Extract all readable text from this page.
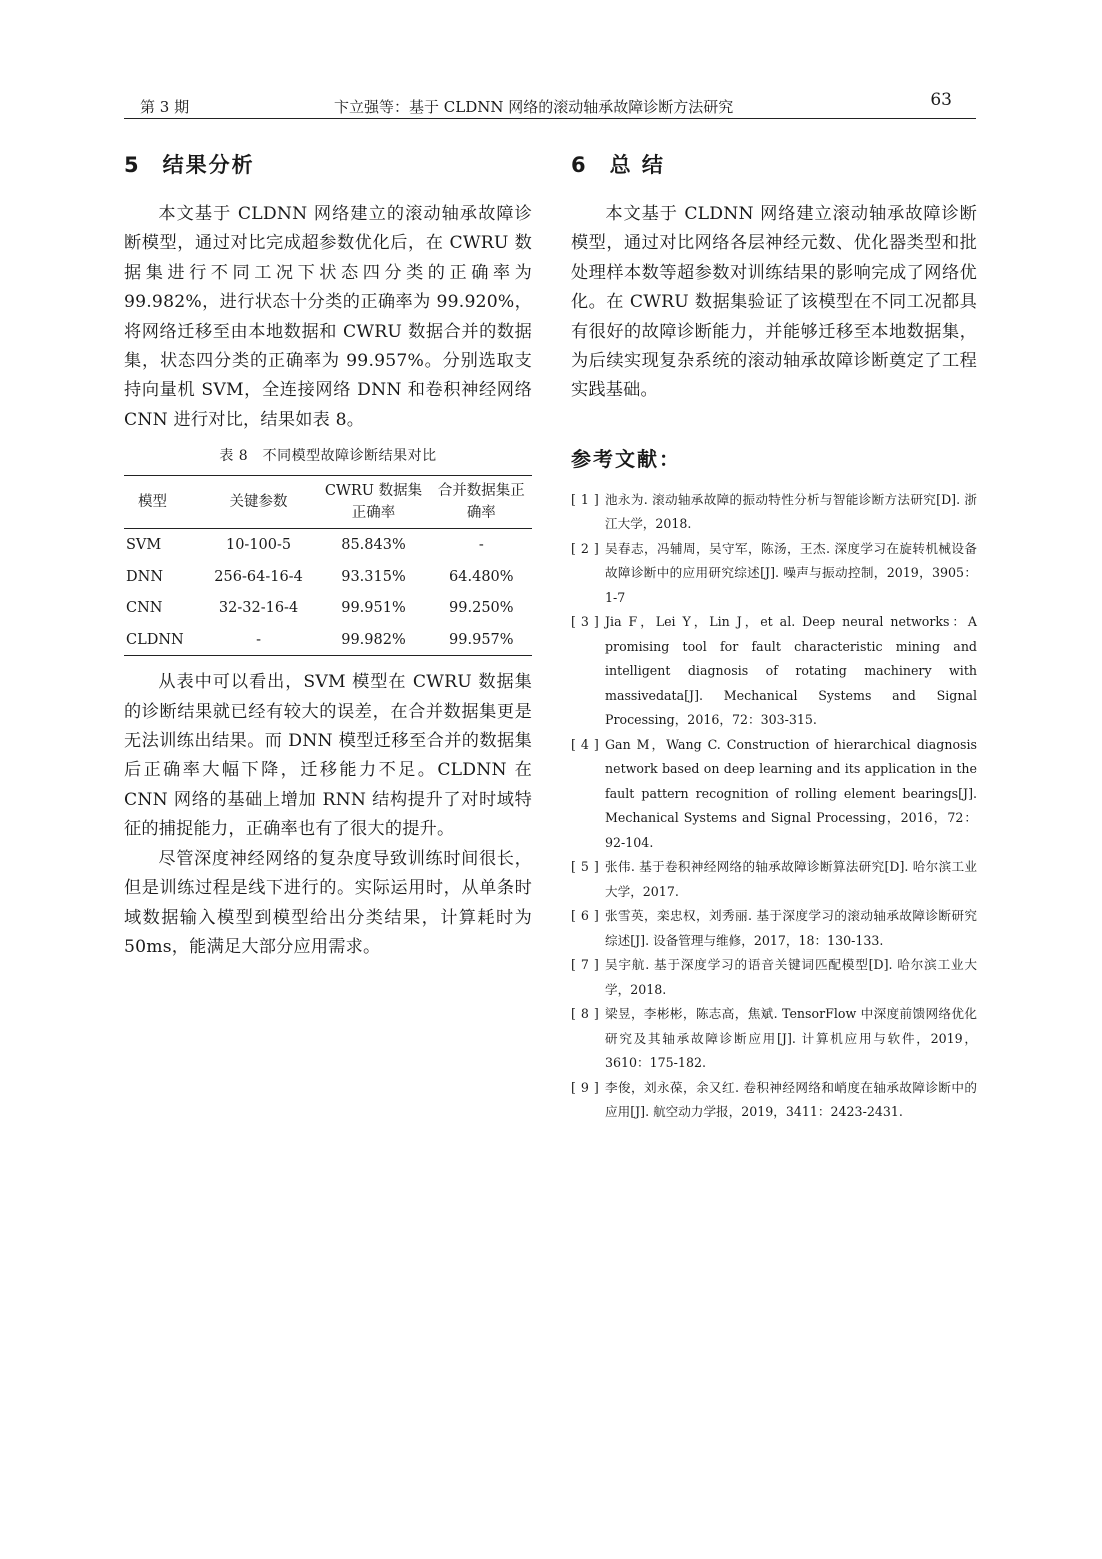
第 3 期	卞立强等：基于 CLDNN 网络的滚动轴承故障诊断方法研究	63
5 结果分析

本文基于 CLDNN 网络建立的滚动轴承故障诊断模型，通过对比完成超参数优化后，在 CWRU 数据集进行不同工况下状态四分类的正确率为 99.982%，进行状态十分类的正确率为 99.920%，将网络迁移至由本地数据和 CWRU 数据合并的数据集，状态四分类的正确率为 99.957%。分别选取支持向量机 SVM，全连接网络 DNN 和卷积神经网络 CNN 进行对比，结果如表 8。

表 8　不同模型故障诊断结果对比
模型	关键参数	CWRU 数据集正确率	合并数据集正确率
SVM	10-100-5	85.843%	-
DNN	256-64-16-4	93.315%	64.480%
CNN	32-32-16-4	99.951%	99.250%
CLDNN	-	99.982%	99.957%

从表中可以看出，SVM 模型在 CWRU 数据集的诊断结果就已经有较大的误差，在合并数据集更是无法训练出结果。而 DNN 模型迁移至合并的数据集后正确率大幅下降，迁移能力不足。CLDNN 在 CNN 网络的基础上增加 RNN 结构提升了对时域特征的捕捉能力，正确率也有了很大的提升。

尽管深度神经网络的复杂度导致训练时间很长，但是训练过程是线下进行的。实际运用时，从单条时域数据输入模型到模型给出分类结果，计算耗时为 50ms，能满足大部分应用需求。

6 总 结

本文基于 CLDNN 网络建立滚动轴承故障诊断模型，通过对比网络各层神经元数、优化器类型和批处理样本数等超参数对训练结果的影响完成了网络优化。在 CWRU 数据集验证了该模型在不同工况都具有很好的故障诊断能力，并能够迁移至本地数据集，为后续实现复杂系统的滚动轴承故障诊断奠定了工程实践基础。

参考文献：
[ 1 ] 池永为. 滚动轴承故障的振动特性分析与智能诊断方法研究[D]. 浙江大学，2018.
[ 2 ] 吴春志，冯辅周，吴守军，陈汤，王杰. 深度学习在旋转机械设备故障诊断中的应用研究综述[J]. 噪声与振动控制，2019，3905：1-7
[ 3 ] Jia F，Lei Y，Lin J，et al. Deep neural networks：A promising tool for fault characteristic mining and intelligent diagnosis of rotating machinery with massivedata[J]. Mechanical Systems and Signal Processing，2016，72：303-315.
[ 4 ] Gan M，Wang C. Construction of hierarchical diagnosis network based on deep learning and its application in the fault pattern recognition of rolling element bearings[J]. Mechanical Systems and Signal Processing，2016，72：92-104.
[ 5 ] 张伟. 基于卷积神经网络的轴承故障诊断算法研究[D]. 哈尔滨工业大学，2017.
[ 6 ] 张雪英，栾忠权，刘秀丽. 基于深度学习的滚动轴承故障诊断研究综述[J]. 设备管理与维修，2017，18：130-133.
[ 7 ] 吴宇航. 基于深度学习的语音关键词匹配模型[D]. 哈尔滨工业大学，2018.
[ 8 ] 梁昱，李彬彬，陈志高，焦斌. TensorFlow 中深度前馈网络优化研究及其轴承故障诊断应用[J]. 计算机应用与软件，2019，3610：175-182.
[ 9 ] 李俊，刘永葆，余又红. 卷积神经网络和峭度在轴承故障诊断中的应用[J]. 航空动力学报，2019，3411：2423-2431.
